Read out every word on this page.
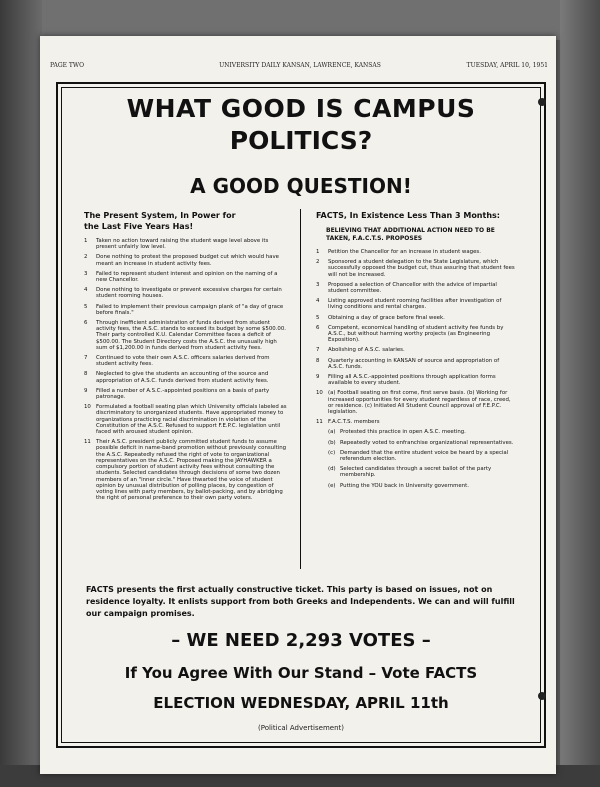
PAGE TWO	UNIVERSITY DAILY KANSAN, LAWRENCE, KANSAS	TUESDAY, APRIL 10, 1951
WHAT GOOD IS CAMPUS
POLITICS?
A GOOD QUESTION!
The Present System, In Power for
the Last Five Years Has!
1	Taken no action toward raising the student wage level above its present unfairly low level.
2	Done nothing to protest the proposed budget cut which would have meant an increase in student activity fees.
3	Failed to represent student interest and opinion on the naming of a new Chancellor.
4	Done nothing to investigate or prevent excessive charges for certain student rooming houses.
5	Failed to implement their previous campaign plank of "a day of grace before finals."
6	Through inefficient administration of funds derived from student activity fees, the A.S.C. stands to exceed its budget by some $500.00. Their party controlled K.U. Calendar Committee faces a deficit of $500.00. The Student Directory costs the A.S.C. the unusually high sum of $1,200.00 in funds derived from student activity fees.
7	Continued to vote their own A.S.C. officers salaries derived from student activity fees.
8	Neglected to give the students an accounting of the source and appropriation of A.S.C. funds derived from student activity fees.
9	Filled a number of A.S.C.-appointed positions on a basis of party patronage.
10 Formulated a football seating plan which University officials labeled as discriminatory to unorganized students. Have appropriated money to organizations practicing racial discrimination in violation of the Constitution of the A.S.C. Refused to support F.E.P.C. legislation until faced with aroused student opinion.
11 Their A.S.C. president publicly committed student funds to assume possible deficit in name-band promotion without previously consulting the A.S.C. Repeatedly refused the right of vote to organizational representatives on the A.S.C. Proposed making the JAYHAWKER a compulsory portion of student activity fees without consulting the students. Selected candidates through decisions of some two dozen members of an "inner circle." Have thwarted the voice of student opinion by unusual distribution of polling places, by congestion of voting lines with party members, by ballot-packing, and by abridging the right of personal preference to their own party voters.
FACTS, In Existence Less Than 3 Months:
BELIEVING THAT ADDITIONAL ACTION NEED TO BE TAKEN, F.A.C.T.S. PROPOSES
1	Petition the Chancellor for an increase in student wages.
2	Sponsored a student delegation to the State Legislature, which successfully opposed the budget cut, thus assuring that student fees will not be increased.
3	Proposed a selection of Chancellor with the advice of impartial student committee.
4	Listing approved student rooming facilities after investigation of living conditions and rental charges.
5	Obtaining a day of grace before final week.
6	Competent, economical handling of student activity fee funds by A.S.C., but without harming worthy projects (as Engineering Exposition).
7	Abolishing of A.S.C. salaries.
8	Quarterly accounting in KANSAN of source and appropriation of A.S.C. funds.
9	Filling all A.S.C.-appointed positions through application forms available to every student.
10 (a) Football seating on first come, first serve basis. (b) Working for increased opportunities for every student regardless of race, creed, or residence. (c) Initiated All Student Council approval of F.E.P.C. legislation.
11 F.A.C.T.S. members
(a) Protested this practice in open A.S.C. meeting.
(b) Repeatedly voted to enfranchise organizational representatives.
(c) Demanded that the entire student voice be heard by a special referendum election.
(d) Selected candidates through a secret ballot of the party membership.
(e) Putting the YOU back in University government.
FACTS presents the first actually constructive ticket. This party is based on issues, not on residence loyalty. It enlists support from both Greeks and Independents. We can and will fulfill our campaign promises.
– WE NEED 2,293 VOTES –
If You Agree With Our Stand – Vote FACTS
ELECTION WEDNESDAY, APRIL 11th
(Political Advertisement)
